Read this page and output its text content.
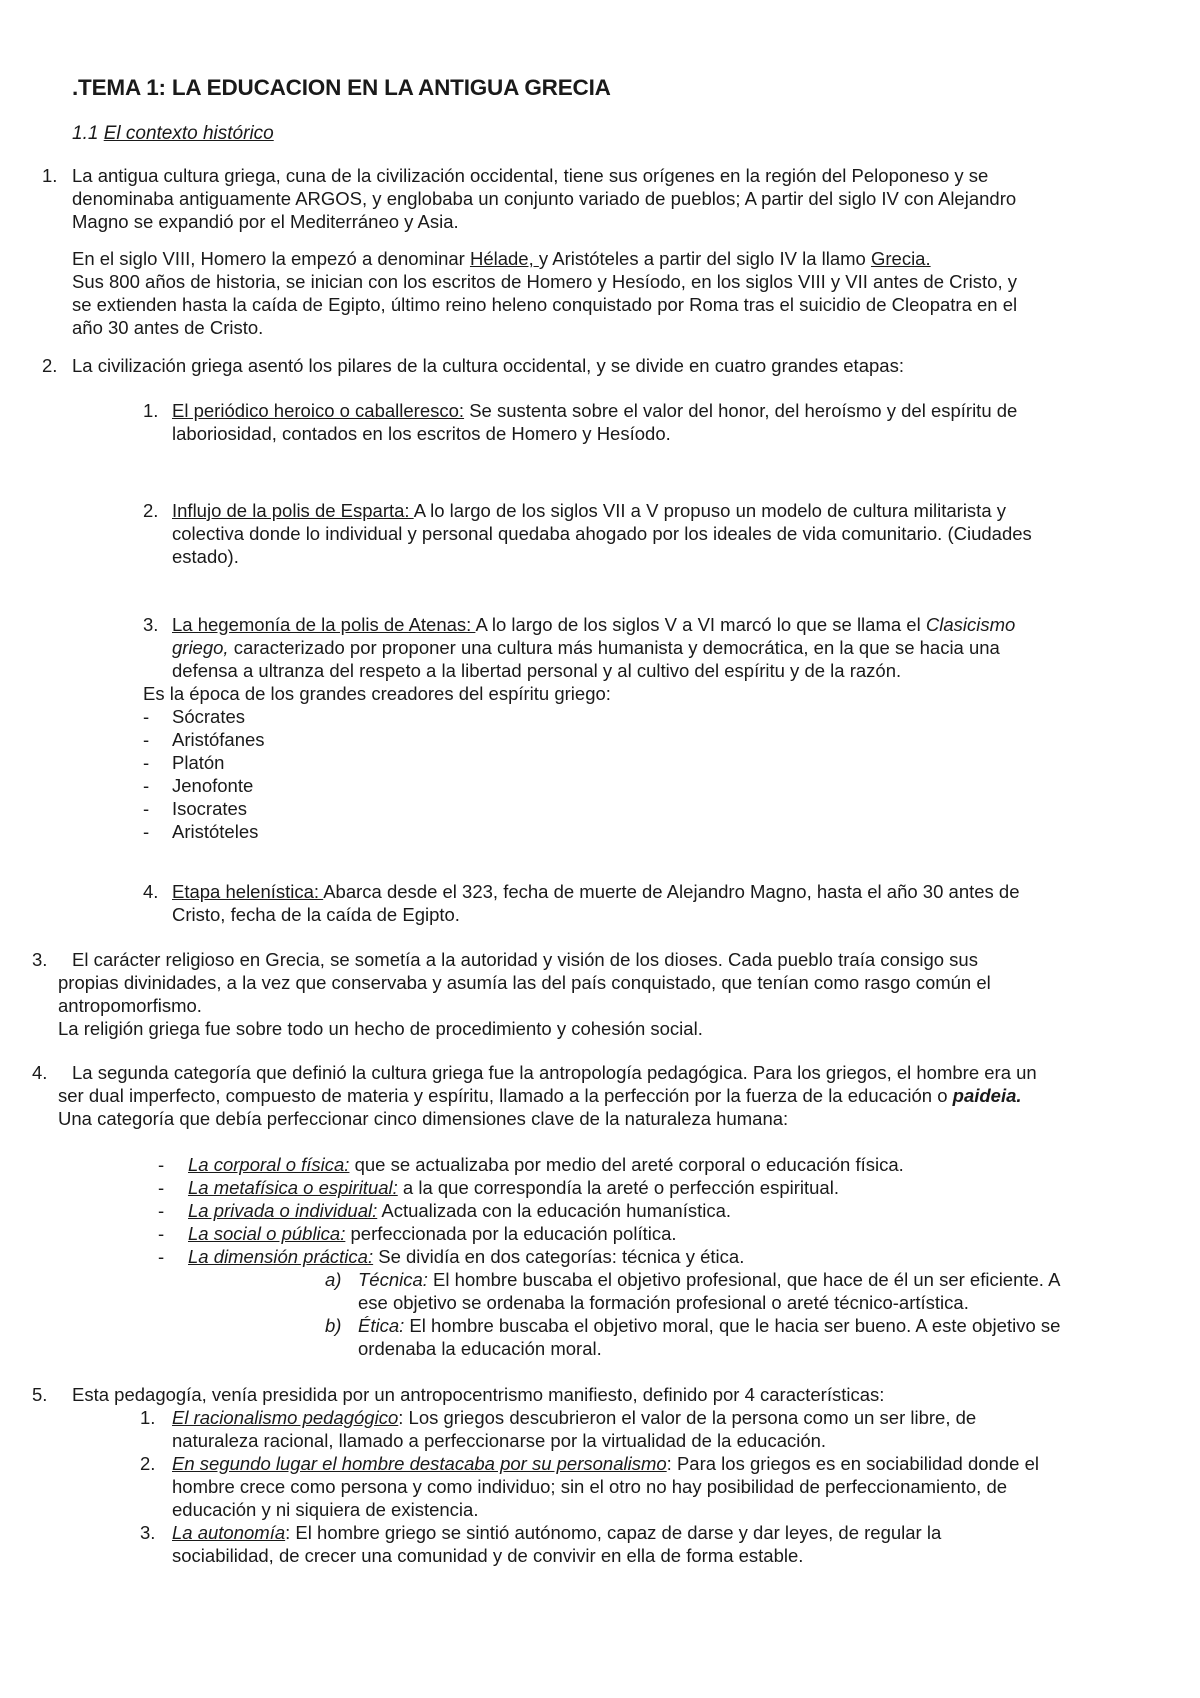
.TEMA 1: LA EDUCACION EN LA ANTIGUA GRECIA
1.1 El contexto histórico
1. La antigua cultura griega, cuna de la civilización occidental, tiene sus orígenes en la región del Peloponeso y se

denominaba antiguamente ARGOS, y englobaba un conjunto variado de pueblos; A partir del siglo IV con Alejandro

Magno se expandió por el Mediterráneo y Asia.

En el siglo VIII, Homero la empezó a denominar Hélade, y Aristóteles a partir del siglo IV la llamo Grecia.

Sus 800 años de historia, se inician con los escritos de Homero y Hesíodo, en los siglos VIII y VII antes de Cristo, y

se extienden hasta la caída de Egipto, último reino heleno conquistado por Roma tras el suicidio de Cleopatra en el

año 30 antes de Cristo.

2. La civilización griega asentó los pilares de la cultura occidental, y se divide en cuatro grandes etapas:
1. El periódico heroico o caballeresco: Se sustenta sobre el valor del honor, del heroísmo y del espíritu de

laboriosidad, contados en los escritos de Homero y Hesíodo.

2. Influjo de la polis de Esparta: A lo largo de los siglos VII a V propuso un modelo de cultura militarista y

colectiva donde lo individual y personal quedaba ahogado por los ideales de vida comunitario. (Ciudades

estado).

3. La hegemonía de la polis de Atenas: A lo largo de los siglos V a VI marcó lo que se llama el Clasicismo

griego, caracterizado por proponer una cultura más humanista y democrática, en la que se hacia una

defensa a ultranza del respeto a la libertad personal y al cultivo del espíritu y de la razón.

Es la época de los grandes creadores del espíritu griego:

- Sócrates

- Aristófanes

- Platón

- Jenofonte

- Isocrates

- Aristóteles

4. Etapa helenística: Abarca desde el 323, fecha de muerte de Alejandro Magno, hasta el año 30 antes de

Cristo, fecha de la caída de Egipto.

3.	El carácter religioso en Grecia, se sometía a la autoridad y visión de los dioses. Cada pueblo traía consigo sus

propias divinidades, a la vez que conservaba y asumía las del país conquistado, que tenían como rasgo común el

antropomorfismo.

La religión griega fue sobre todo un hecho de procedimiento y cohesión social.

4.	La segunda categoría que definió la cultura griega fue la antropología pedagógica. Para los griegos, el hombre era un

ser dual imperfecto, compuesto de materia y espíritu, llamado a la perfección por la fuerza de la educación o paideia.

Una categoría que debía perfeccionar cinco dimensiones clave de la naturaleza humana:

- La corporal o física: que se actualizaba por medio del areté corporal o educación física.

- La metafísica o espiritual: a la que correspondía la areté o perfección espiritual.

- La privada o individual: Actualizada con la educación humanística.

- La social o pública: perfeccionada por la educación política.

- La dimensión práctica: Se dividía en dos categorías: técnica y ética.

a) Técnica: El hombre buscaba el objetivo profesional, que hace de él un ser eficiente. A

ese objetivo se ordenaba la formación profesional o areté técnico-artística.

b) Ética: El hombre buscaba el objetivo moral, que le hacia ser bueno. A este objetivo se

ordenaba la educación moral.

5. Esta pedagogía, venía presidida por un antropocentrismo manifiesto, definido por 4 características:
1. El racionalismo pedagógico: Los griegos descubrieron el valor de la persona como un ser libre, de

naturaleza racional, llamado a perfeccionarse por la virtualidad de la educación.

2. En segundo lugar el hombre destacaba por su personalismo: Para los griegos es en sociabilidad donde el

hombre crece como persona y como individuo; sin el otro no hay posibilidad de perfeccionamiento, de

educación y ni siquiera de existencia.

3. La autonomía: El hombre griego se sintió autónomo, capaz de darse y dar leyes, de regular la

sociabilidad, de crecer una comunidad y de convivir en ella de forma estable.
